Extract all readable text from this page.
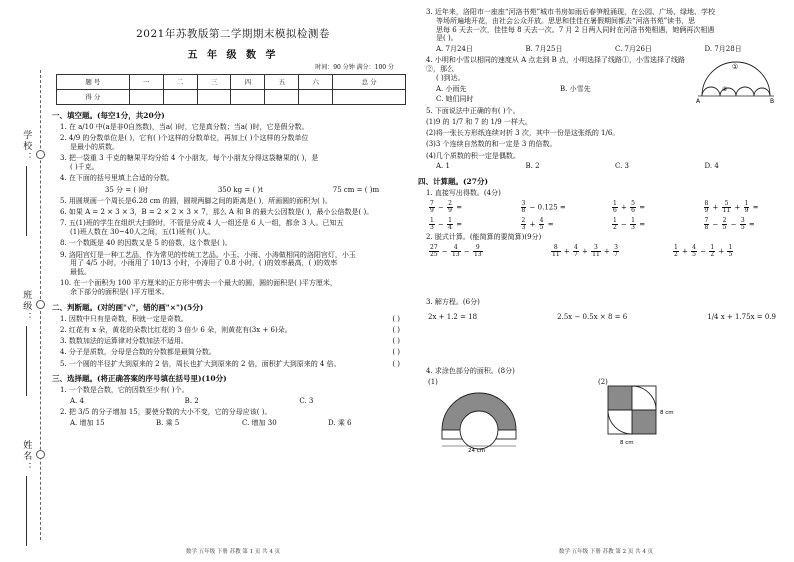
学校：
班级：
姓名：
2021年苏教版第二学期期末模拟检测卷
五 年 级 数 学
时间：90 分钟 满分：100 分
题 号	一	二	三	四	五	六	总 分
得 分							
一、填空题。(每空1分，共20分)
1. 在 a/10 中(a是非0自然数)，当a( )时，它是真分数；当a( )时，它是假分数。
2. 4/9 的分数单位是( )，它有( )个这样的分数单位，再加上( )个这样的分数单位
是最小的质数。
3. 把一袋重 3 千克的糖果平均分给 4 个小朋友，每个小朋友分得这袋糖果的( )，是
( )千克。
4. 在下面的括号里填上合适的分数。
35 分 = ( )时	350 kg = ( )t	75 cm = ( )m
5. 用圆规画一个周长是6.28 cm 的圆，圆规两脚之间的距离是( )，所画圆的面积为( )。
6. 如果 A = 2 × 3 × 3，B = 2 × 2 × 3 × 7，那么 A 和 B 的最大公因数是( )，最小公倍数是( )。
7. 五(1)班的学生在组织大扫除时，不管是分成 4 人一组还是 6 人一组，都余 3 人。已知五
(1)班人数在 30~40人之间，五(1)班有( )人。
8. 一个数既是 40 的因数又是 5 的倍数，这个数是( )。
9. 洛阳宫灯是一种工艺品，作为常见的传统工艺品。小玉、小雨、小涛做相同的洛阳宫灯，小玉
用了 4/5 小时，小雨用了 10/13 小时，小涛用了 0.8 小时，( )的效率最高，( )的效率
最低。
10. 在一个面积为 100 平方厘米的正方形中剪去一个最大的圆，圆的面积是( )平方厘米，
余下部分的面积是( )平方厘米。
二、判断题。(对的画"√"，错的画"×")(5分)
1. 因数中只有是奇数，积就一定是奇数。	( )
2. 红花有 x 朵，黄花的朵数比红花的 3 倍少 6 朵，则黄花有(3x + 6)朵。	( )
3. 数数加法的运算律对分数加法不适用。	( )
4. 分子是质数，分母是合数的分数都是最简分数。	( )
5. 一个圆的半径扩大到原来的 2 倍，周长也扩大到原来的 2 倍，面积扩大到原来的 4 倍。	( )
三、选择题。(将正确答案的序号填在括号里)(10分)
1. 一个数是合数，它的因数至少有( )个。
A. 4	B. 2	C. 3
2. 把 3/5 的分子增加 15，要使分数的大小不变，它的分母应该( )。
A. 增加 15	B. 乘 5	C. 增加 30	D. 乘 6
数学 五年级 下册 苏教 第 1 页 共 4 页
3. 近年来，洛阳市一座座“河洛书苑”城市书房如雨后春笋般涌现，在公园、广场、绿地、学校
等场所遍地开花，由社会公众开放。思思和佳佳在暑假期间都去“河洛书苑”读书，思
思每 6 天去一次，佳佳每 8 天去一次。7 月 2 日两人同时在河洛书苑相遇，她俩再次相遇
是( )。
A. 7月24日	B. 7月25日	C. 7月26日	D. 7月28日
4. 小明和小雪以相同的速度从 A 点走到 B 点，小明选择了线路①，小雪选择了线路②，那么
( )到达。
A. 小雨先	B. 小雪先
C. 她们同时	A	B
①
②
5. 下面说法中正确的有( )个。
(1)9 的 1/7 和 7 的 1/9 一样大。
(2)将一张长方形纸连续对折 3 次，其中一份是这张纸的 1/6。
(3)3 个连续自然数的和一定是 3 的倍数。
(4)几个质数的积一定是偶数。
A. 1	B. 2	C. 3	D. 4
四、计算题。(27分)
1. 直接写出得数。(4分)
$\frac{7}{9} - \frac{2}{9}$ =	$\frac{3}{8} - 0.125$ =	$\frac{1}{6} + \frac{5}{6}$ =	$\frac{8}{9} + \frac{5}{11} + \frac{1}{9}$ =
$\frac{1}{3} - \frac{1}{4}$ =	$\frac{2}{3} + \frac{4}{5}$ =	$\frac{1}{2} - \frac{1}{3}$ =	$\frac{7}{8} - \frac{2}{5} - \frac{3}{5}$ =
2. 脱式计算。(能简算的要简算)(9分)
$\frac{27}{25} - \frac{4}{13} - \frac{9}{13}$	$\frac{8}{11} + \frac{4}{7} + \frac{3}{11} + \frac{3}{7}$	$\frac{1}{2} + \frac{4}{5} - \frac{1}{2} + \frac{1}{5}$
3. 解方程。(6分)
2x + 1.2 = 18	2.5x − 0.5x × 8 = 6	1/4 x + 1.75x = 0.9
4. 求涂色部分的面积。(8分)
(1)
24 cm
(2)
8 cm
8 cm
数学 五年级 下册 苏教 第 2 页 共 4 页
